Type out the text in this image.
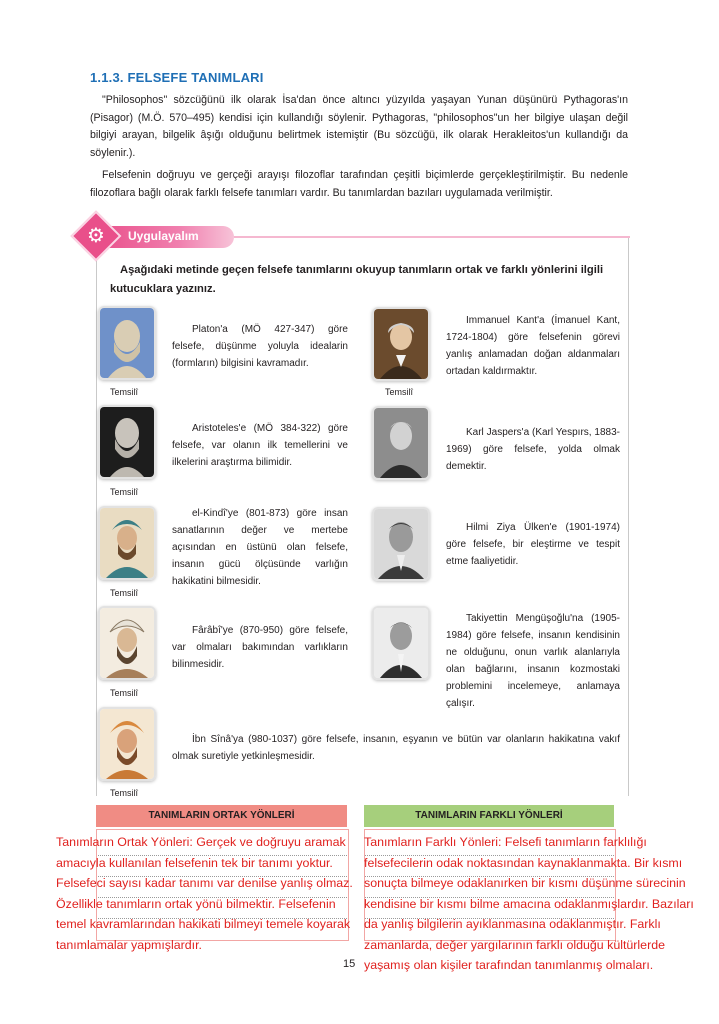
1.1.3. FELSEFE TANIMLARI
"Philosophos" sözcüğünü ilk olarak İsa'dan önce altıncı yüzyılda yaşayan Yunan düşünürü Pythagoras'ın (Pisagor) (M.Ö. 570–495) kendisi için kullandığı söylenir. Pythagoras, "philosophos"un her bilgiye ulaşan değil bilgiyi arayan, bilgelik âşığı olduğunu belirtmek istemiştir (Bu sözcüğü, ilk olarak Herakleitos'un kullandığı da söylenir.).
Felsefenin doğruyu ve gerçeği arayışı filozoflar tarafından çeşitli biçimlerde gerçekleştirilmiştir. Bu nedenle filozoflara bağlı olarak farklı felsefe tanımları vardır. Bu tanımlardan bazıları uygulamada verilmiştir.
⚙ Uygulayalım
Aşağıdaki metinde geçen felsefe tanımlarını okuyup tanımların ortak ve farklı yönlerini ilgili kutucuklara yazınız.
Temsilî
Platon'a (MÖ 427-347) göre felsefe, düşünme yoluyla idealarin (formların) bilgisini kavramadır.
Temsilî
Aristoteles'e (MÖ 384-322) göre felsefe, var olanın ilk temellerini ve ilkelerini araştırma bilimidir.
Temsilî
el-Kindî'ye (801-873) göre insan sanatlarının değer ve mertebe açısından en üstünü olan felsefe, insanın gücü ölçüsünde varlığın hakikatini bilmesidir.
Temsilî
Fârâbî'ye (870-950) göre felsefe, var olmaları bakımından varlıkların bilinmesidir.
Temsilî
Immanuel Kant'a (İmanuel Kant, 1724-1804) göre felsefenin görevi yanlış anlamadan doğan aldanmaları ortadan kaldırmaktır.
Karl Jaspers'a (Karl Yespırs, 1883-1969) göre felsefe, yolda olmak demektir.
Hilmi Ziya Ülken'e (1901-1974) göre felsefe, bir eleştirme ve tespit etme faaliyetidir.
Takiyettin Mengüşoğlu'na (1905-1984) göre felsefe, insanın kendisinin ne olduğunu, onun varlık alanlarıyla olan bağlarını, insanın kozmostaki problemini incelemeye, anlamaya çalışır.
Temsilî
İbn Sînâ'ya (980-1037) göre felsefe, insanın, eşyanın ve bütün var olanların hakikatına vakıf olmak suretiyle yetkinleşmesidir.
TANIMLARIN ORTAK YÖNLERİ	TANIMLARIN FARKLI YÖNLERİ
Tanımların Ortak Yönleri: Gerçek ve doğruyu aramak amacıyla kullanılan felsefenin tek bir tanımı yoktur. Felsefeci sayısı kadar tanımı var denilse yanlış olmaz. Özellikle tanımların ortak yönü bilmektir. Felsefenin temel kavramlarından hakikati bilmeyi temele koyarak tanımlamalar yapmışlardır.
Tanımların Farklı Yönleri: Felsefi tanımların farklılığı felsefecilerin odak noktasından kaynaklanmakta. Bir kısmı sonuçta bilmeye odaklanırken bir kısmı düşünme sürecinin kendisine bir kısmı bilme amacına odaklanmışlardır. Bazıları da yanlış bilgilerin ayıklanmasına odaklanmıştır. Farklı zamanlarda, değer yargılarının farklı olduğu kültürlerde yaşamış olan kişiler tarafından tanımlanmış olmaları.
15
